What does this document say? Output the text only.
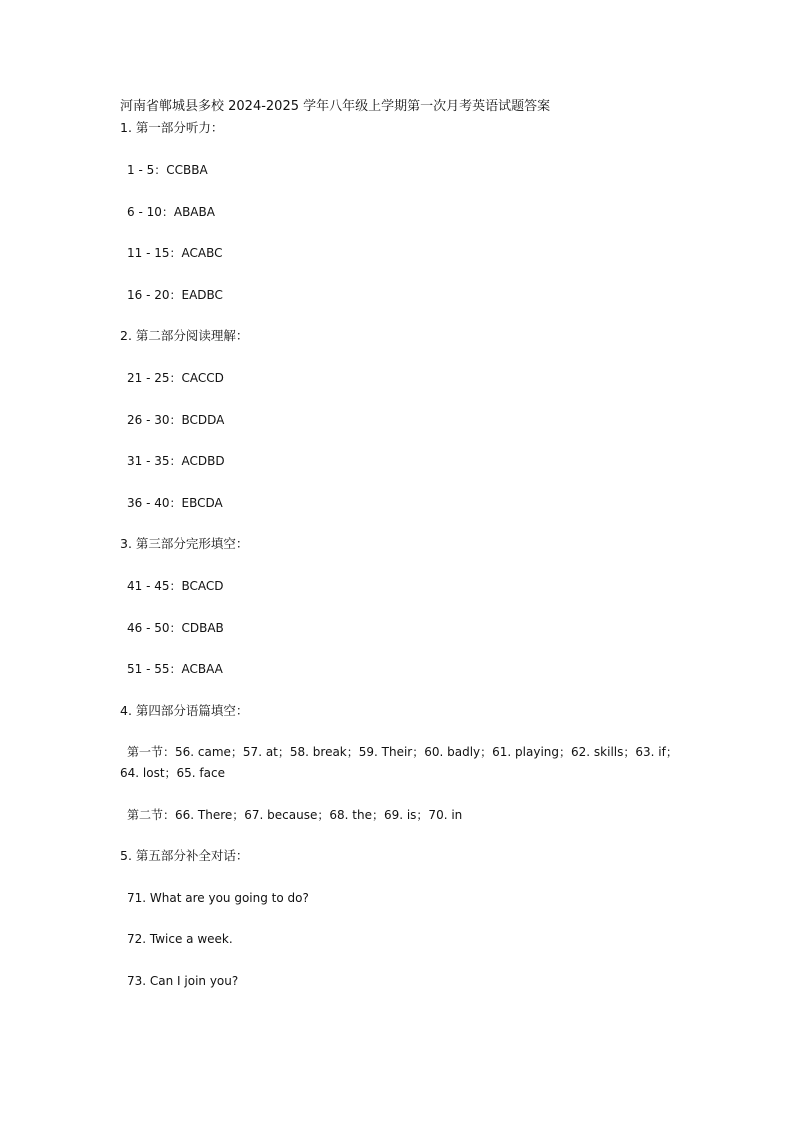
河南省郸城县多校 2024-2025 学年八年级上学期第一次月考英语试题答案
1. 第一部分听力：
1 - 5：CCBBA
6 - 10：ABABA
11 - 15：ACABC
16 - 20：EADBC
2. 第二部分阅读理解：
21 - 25：CACCD
26 - 30：BCDDA
31 - 35：ACDBD
36 - 40：EBCDA
3. 第三部分完形填空：
41 - 45：BCACD
46 - 50：CDBAB
51 - 55：ACBAA
4. 第四部分语篇填空：
第一节：56. came；57. at；58. break；59. Their；60. badly；61. playing；62. skills；63. if；
64. lost；65. face
第二节：66. There；67. because；68. the；69. is；70. in
5. 第五部分补全对话：
71. What are you going to do?
72. Twice a week.
73. Can I join you?
